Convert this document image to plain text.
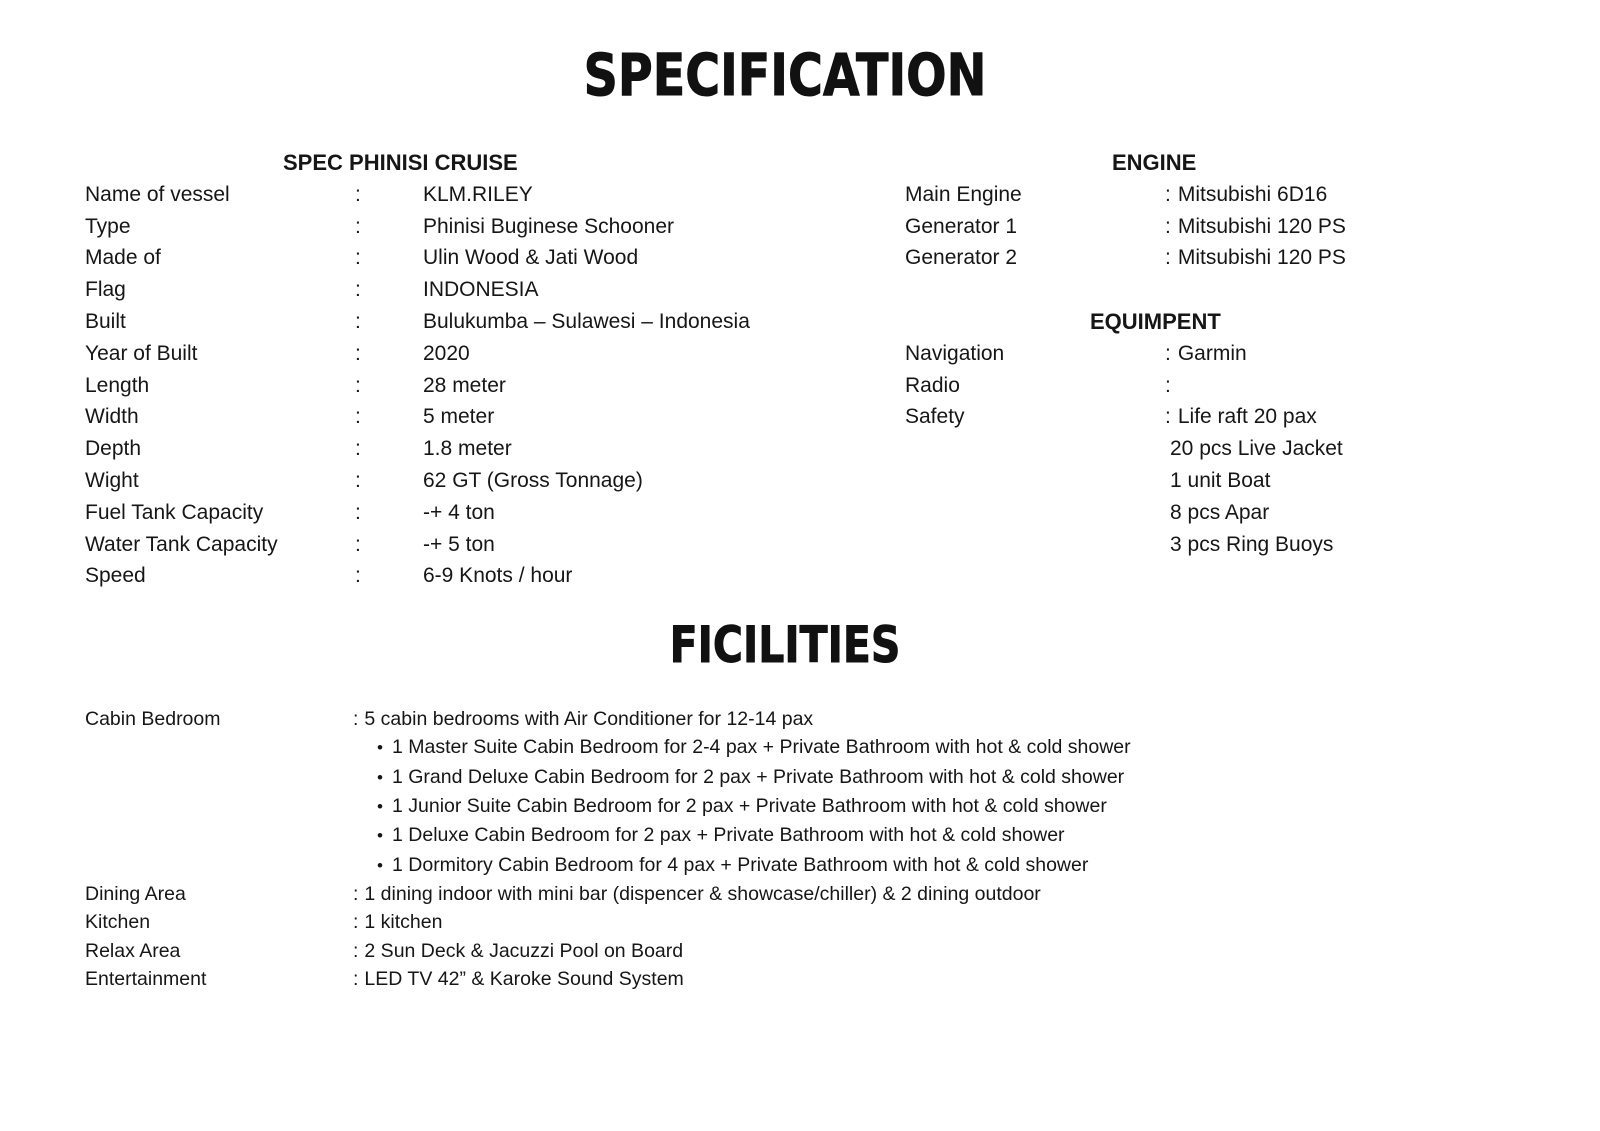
SPECIFICATION
SPEC PHINISI CRUISE
Name of vessel	:	KLM.RILEY
Type	:	Phinisi Buginese Schooner
Made of	:	Ulin Wood & Jati Wood
Flag	:	INDONESIA
Built	:	Bulukumba – Sulawesi – Indonesia
Year of Built	:	2020
Length	:	28 meter
Width	:	5 meter
Depth	:	1.8 meter
Wight	:	62 GT (Gross Tonnage)
Fuel Tank Capacity	:	-+ 4 ton
Water Tank Capacity	:	-+ 5 ton
Speed	:	6-9 Knots / hour
ENGINE
Main Engine	: Mitsubishi 6D16
Generator 1	: Mitsubishi 120 PS
Generator 2	: Mitsubishi 120 PS
EQUIMPENT
Navigation	: Garmin
Radio	:
Safety	: Life raft 20 pax
20 pcs Live Jacket
1 unit Boat
8 pcs Apar
3 pcs Ring Buoys
FICILITIES
Cabin Bedroom	: 5 cabin bedrooms with Air Conditioner for 12-14 pax
• 1 Master Suite Cabin Bedroom for 2-4 pax + Private Bathroom with hot & cold shower
• 1 Grand Deluxe Cabin Bedroom for 2 pax + Private Bathroom with hot & cold shower
• 1 Junior Suite Cabin Bedroom for 2 pax + Private Bathroom with hot & cold shower
• 1 Deluxe Cabin Bedroom for 2 pax + Private Bathroom with hot & cold shower
• 1 Dormitory Cabin Bedroom for 4 pax + Private Bathroom with hot & cold shower
Dining Area	: 1 dining indoor with mini bar (dispencer & showcase/chiller) & 2 dining outdoor
Kitchen	: 1 kitchen
Relax Area	: 2 Sun Deck & Jacuzzi Pool on Board
Entertainment	: LED TV 42” & Karoke Sound System
